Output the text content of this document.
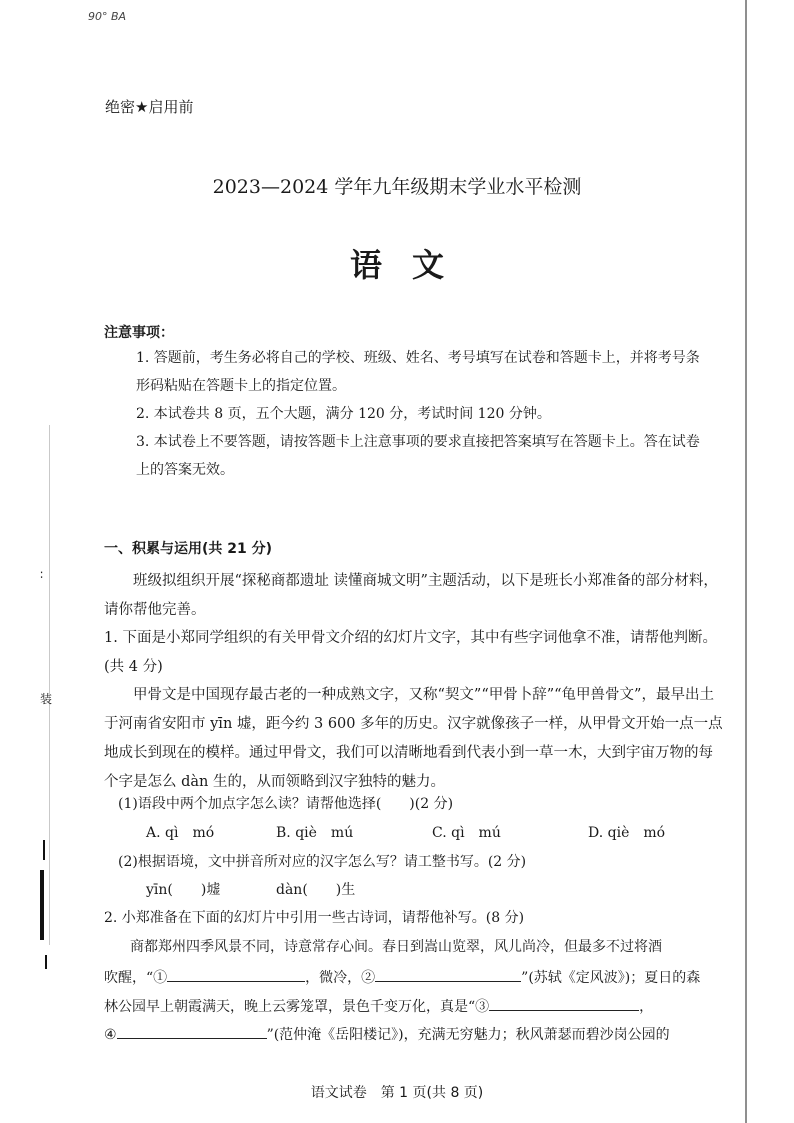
∶
装
90° BA
绝密★启用前
2023—2024 学年九年级期末学业水平检测
语文
注意事项：
1. 答题前，考生务必将自己的学校、班级、姓名、考号填写在试卷和答题卡上，并将考号条形码粘贴在答题卡上的指定位置。
2. 本试卷共 8 页，五个大题，满分 120 分，考试时间 120 分钟。
3. 本试卷上不要答题，请按答题卡上注意事项的要求直接把答案填写在答题卡上。答在试卷上的答案无效。
一、积累与运用(共 21 分)
班级拟组织开展“探秘商都遗址 读懂商城文明”主题活动，以下是班长小郑准备的部分材料，请你帮他完善。
1. 下面是小郑同学组织的有关甲骨文介绍的幻灯片文字，其中有些字词他拿不准，请帮他判断。(共 4 分)
甲骨文是中国现存最古老的一种成熟文字，又称“契文”“甲骨卜辞”“龟甲兽骨文”，最早出土于河南省安阳市 yīn 墟，距今约 3 600 多年的历史。汉字就像孩子一样，从甲骨文开始一点一点地成长到现在的模样。通过甲骨文，我们可以清晰地看到代表小到一草一木，大到宇宙万物的每个字是怎么 dàn 生的，从而领略到汉字独特的魅力。
(1)语段中两个加点字怎么读？请帮他选择(　　)(2 分)
A. qì　mó	B. qiè　mú	C. qì　mú	D. qiè　mó
(2)根据语境，文中拼音所对应的汉字怎么写？请工整书写。(2 分)
yīn(　　)墟	dàn(　　)生
2. 小郑准备在下面的幻灯片中引用一些古诗词，请帮他补写。(8 分)
商都郑州四季风景不同，诗意常存心间。春日到嵩山览翠，风儿尚冷，但最多不过将酒
吹醒，“①	，微冷，②	”(苏轼《定风波》)；夏日的森
林公园早上朝霞满天，晚上云雾笼罩，景色千变万化，真是“③	，
④	”(范仲淹《岳阳楼记》)，充满无穷魅力；秋风萧瑟而碧沙岗公园的
语文试卷　第 1 页(共 8 页)
